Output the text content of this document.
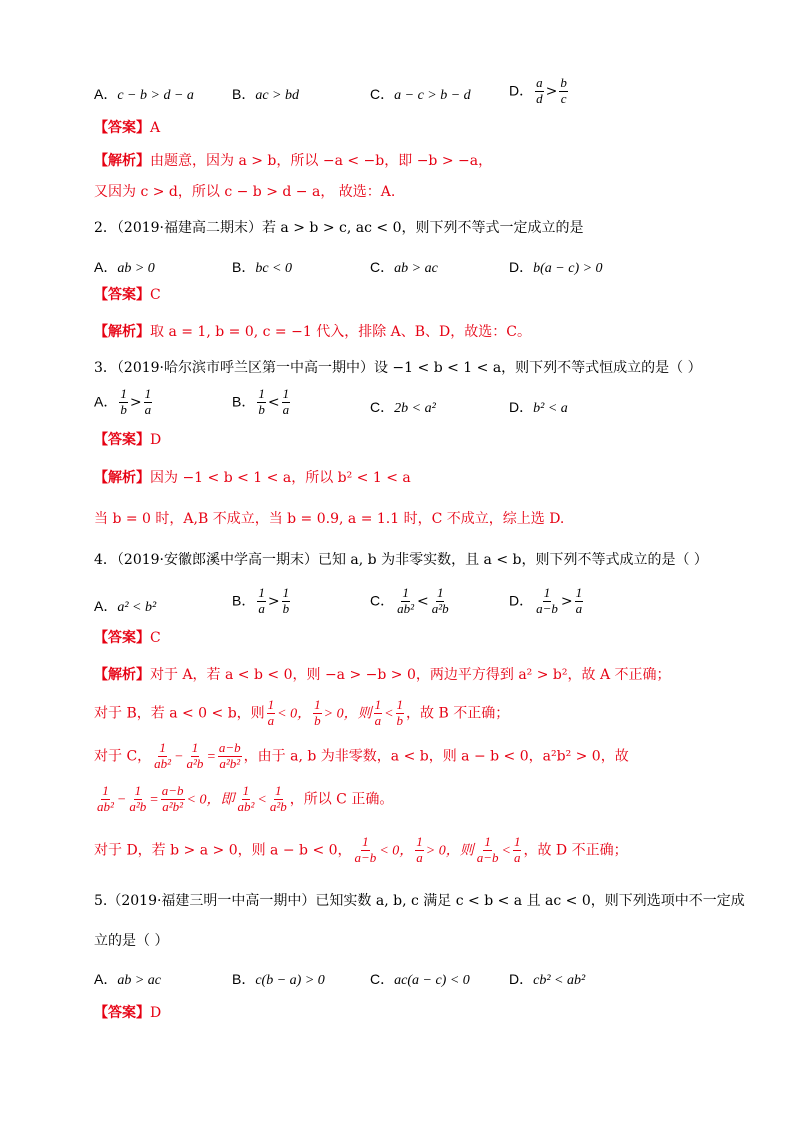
A．c − b > d − a	B．ac > bd	C．a − c > b − d	D． $\frac{a}{d} > \frac{b}{c}$
【答案】A
【解析】由题意，因为 a > b，所以 −a < −b，即 −b > −a，
又因为 c > d，所以 c − b > d − a， 故选：A.
2．（2019·福建高二期末）若 a > b > c, ac < 0，则下列不等式一定成立的是
A．ab > 0	B．bc < 0	C．ab > ac	D．b(a − c) > 0
【答案】C
【解析】取 a = 1, b = 0, c = −1 代入，排除 A、B、D，故选：C。
3．（2019·哈尔滨市呼兰区第一中高一期中）设 −1 < b < 1 < a，则下列不等式恒成立的是（ ）
A． $\frac{1}{b} > \frac{1}{a}$	B． $\frac{1}{b} < \frac{1}{a}$	C．2b < a²	D．b² < a
【答案】D
【解析】因为 −1 < b < 1 < a，所以 b² < 1 < a
当 b = 0 时，A,B 不成立，当 b = 0.9, a = 1.1 时，C 不成立，综上选 D.
4．（2019·安徽郎溪中学高一期末）已知 a, b 为非零实数，且 a < b，则下列不等式成立的是（ ）
A．a² < b²	B． $\frac{1}{a} > \frac{1}{b}$	C． $\frac{1}{\text{ab²}} < \frac{1}{\text{a²b}}$	D． $\frac{1}{a-b} > \frac{1}{a}$
【答案】C
【解析】对于 A，若 a < b < 0，则 −a > −b > 0，两边平方得到 a² > b²，故 A 不正确；
对于 B，若 a < 0 < b，则 $\frac{1}{a} < 0$， $\frac{1}{b} > 0$，则 $\frac{1}{a} < \frac{1}{b}$ ，故 B 不正确；
对于 C， $\frac{1}{\text{ab²}} - \frac{1}{\text{a²b}} = \frac{a-b}{\text{a²b²}}$ ，由于 a, b 为非零数，a < b，则 a − b < 0，a²b² > 0，故
$\frac{1}{\text{ab²}} - \frac{1}{\text{a²b}} = \frac{a-b}{\text{a²b²}} < 0$，即 $\frac{1}{\text{ab²}} < \frac{1}{\text{a²b}}$ ，所以 C 正确。
对于 D，若 b > a > 0，则 a − b < 0， $\frac{1}{a-b} < 0$， $\frac{1}{a} > 0$，则 $\frac{1}{a-b} < \frac{1}{a}$ ，故 D 不正确；
5.（2019·福建三明一中高一期中）已知实数 a, b, c 满足 c < b < a 且 ac < 0，则下列选项中不一定成
立的是（ ）
A．ab > ac	B．c(b − a) > 0	C．ac(a − c) < 0	D．cb² < ab²
【答案】D
